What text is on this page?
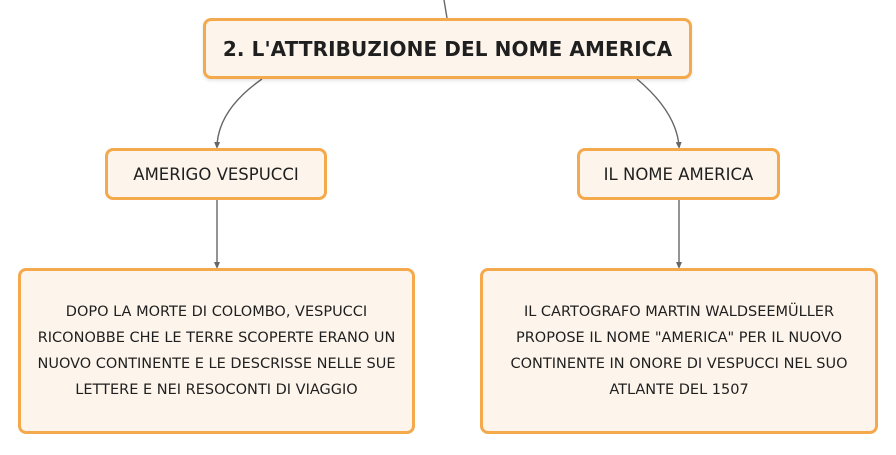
2. L'ATTRIBUZIONE DEL NOME AMERICA
AMERIGO VESPUCCI	IL NOME AMERICA
DOPO LA MORTE DI COLOMBO, VESPUCCI RICONOBBE CHE LE TERRE SCOPERTE ERANO UN NUOVO CONTINENTE E LE DESCRISSE NELLE SUE LETTERE E NEI RESOCONTI DI VIAGGIO
IL CARTOGRAFO MARTIN WALDSEEMÜLLER PROPOSE IL NOME "AMERICA" PER IL NUOVO CONTINENTE IN ONORE DI VESPUCCI NEL SUO ATLANTE DEL 1507
